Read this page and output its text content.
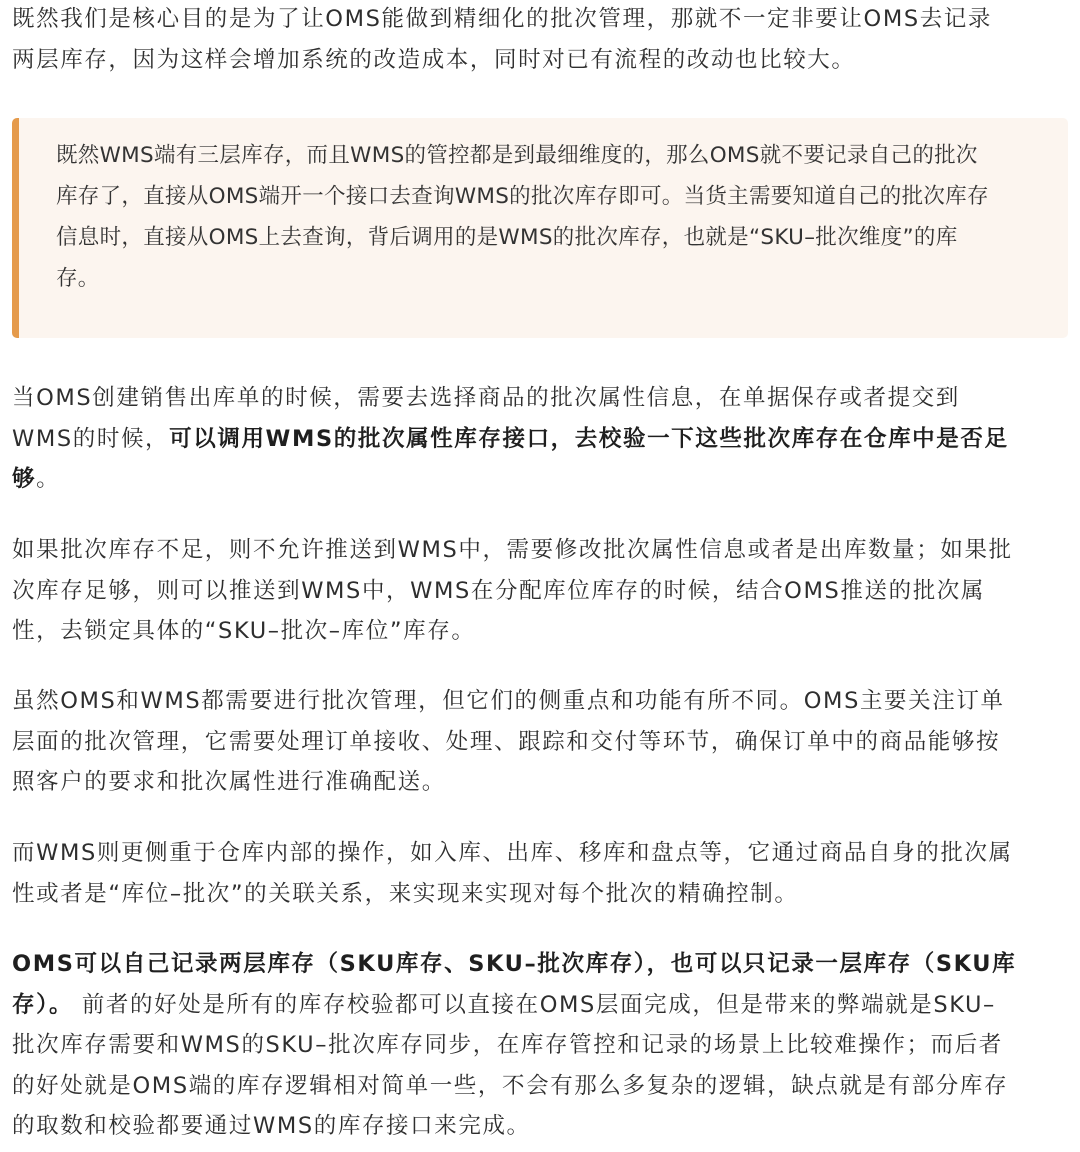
既然我们是核心目的是为了让OMS能做到精细化的批次管理，那就不一定非要让OMS去记录
两层库存，因为这样会增加系统的改造成本，同时对已有流程的改动也比较大。

既然WMS端有三层库存，而且WMS的管控都是到最细维度的，那么OMS就不要记录自己的批次
库存了，直接从OMS端开一个接口去查询WMS的批次库存即可。当货主需要知道自己的批次库存
信息时，直接从OMS上去查询，背后调用的是WMS的批次库存，也就是“SKU–批次维度”的库
存。

当OMS创建销售出库单的时候，需要去选择商品的批次属性信息，在单据保存或者提交到
WMS的时候，可以调用WMS的批次属性库存接口，去校验一下这些批次库存在仓库中是否足
够。

如果批次库存不足，则不允许推送到WMS中，需要修改批次属性信息或者是出库数量；如果批
次库存足够，则可以推送到WMS中，WMS在分配库位库存的时候，结合OMS推送的批次属
性，去锁定具体的“SKU–批次–库位”库存。

虽然OMS和WMS都需要进行批次管理，但它们的侧重点和功能有所不同。OMS主要关注订单
层面的批次管理，它需要处理订单接收、处理、跟踪和交付等环节，确保订单中的商品能够按
照客户的要求和批次属性进行准确配送。

而WMS则更侧重于仓库内部的操作，如入库、出库、移库和盘点等，它通过商品自身的批次属
性或者是“库位–批次”的关联关系，来实现来实现对每个批次的精确控制。

OMS可以自己记录两层库存（SKU库存、SKU–批次库存），也可以只记录一层库存（SKU库
存）。 前者的好处是所有的库存校验都可以直接在OMS层面完成，但是带来的弊端就是SKU–
批次库存需要和WMS的SKU–批次库存同步，在库存管控和记录的场景上比较难操作；而后者
的好处就是OMS端的库存逻辑相对简单一些，不会有那么多复杂的逻辑，缺点就是有部分库存
的取数和校验都要通过WMS的库存接口来完成。
